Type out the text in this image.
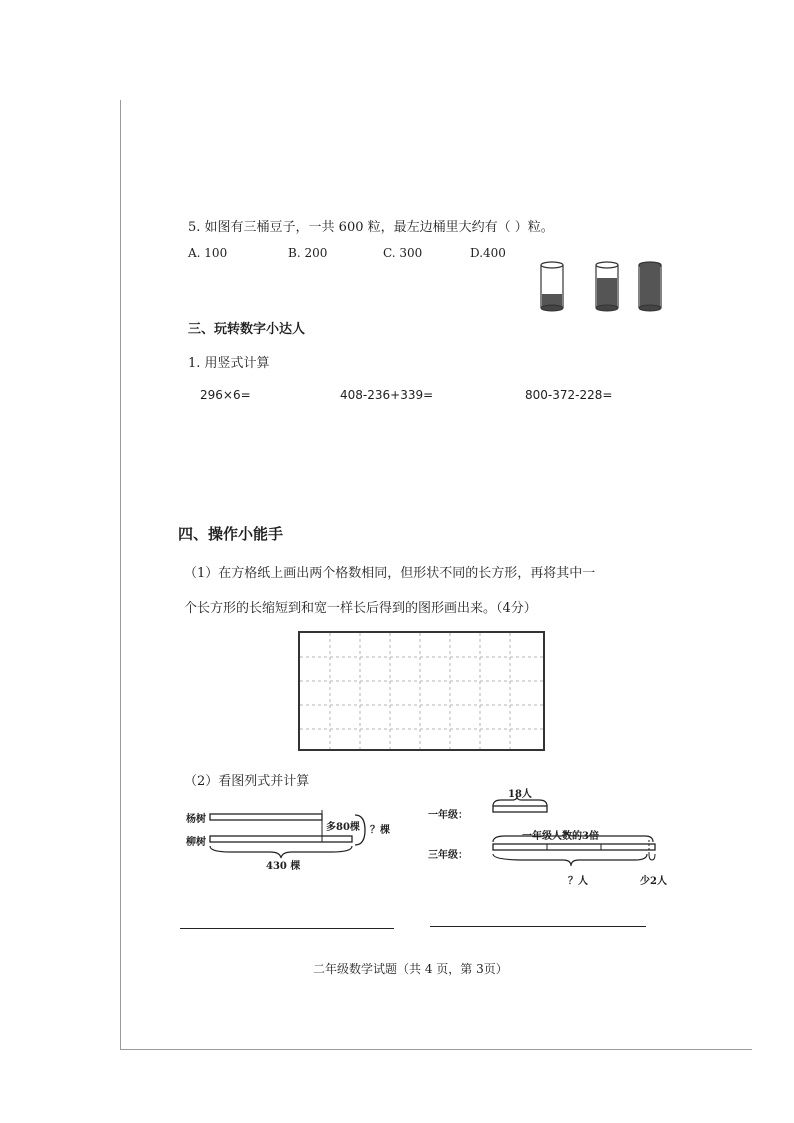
5. 如图有三桶豆子，一共 600 粒，最左边桶里大约有（ ）粒。
A. 100	B. 200	C. 300	D.400
三、玩转数字小达人
1. 用竖式计算
296×6=	408-236+339=	800-372-228=
四、操作小能手
（1）在方格纸上画出两个格数相同，但形状不同的长方形，再将其中一
个长方形的长缩短到和宽一样长后得到的图形画出来。（4分）
（2）看图列式并计算
杨树
柳树
多80棵 ？棵
430 棵
一年级：
三年级：
18人
一年级人数的3倍
？人	少2人
二年级数学试题（共 4 页，第 3页）
